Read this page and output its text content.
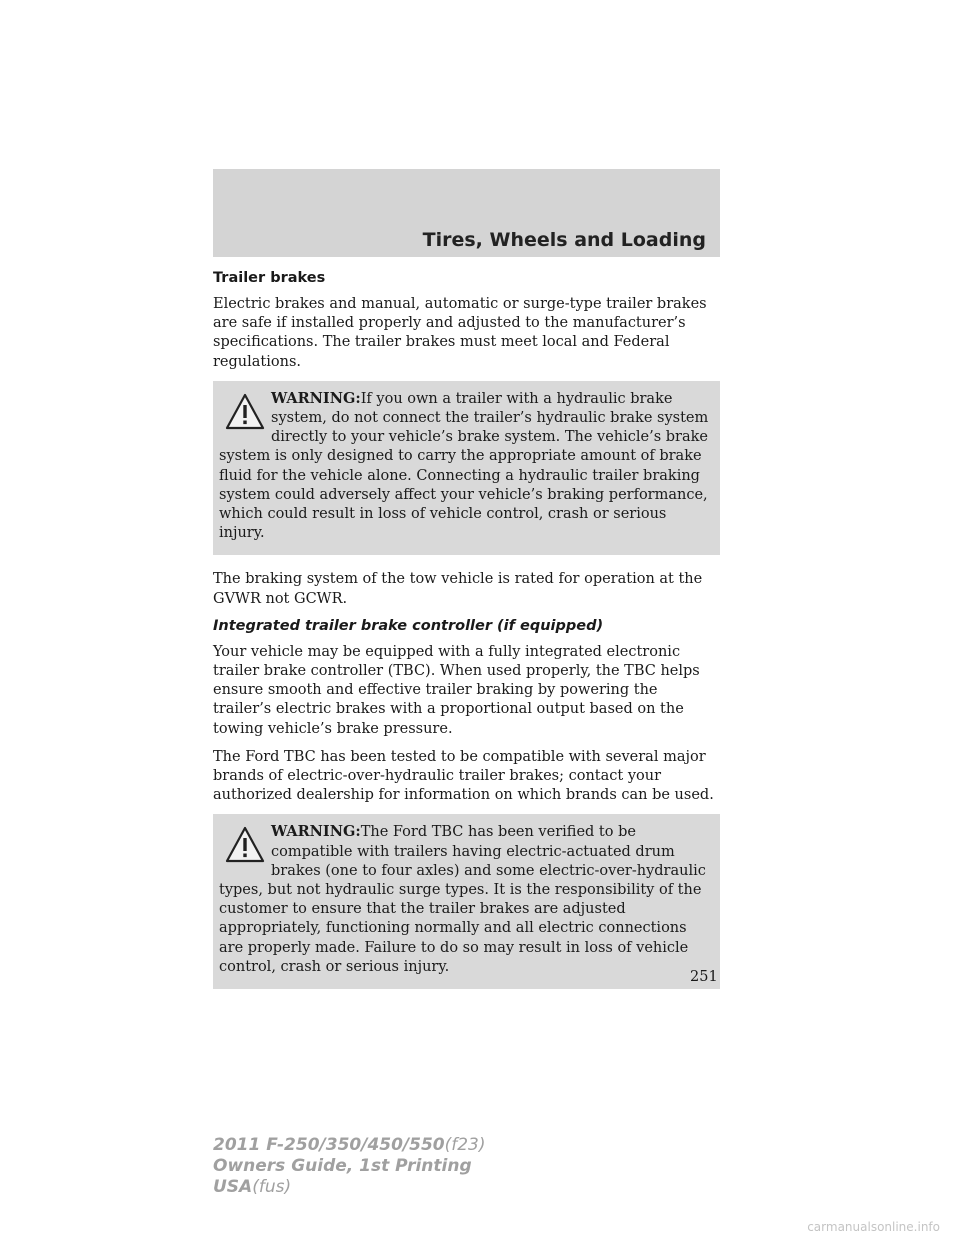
Tires, Wheels and Loading
Trailer brakes

Electric brakes and manual, automatic or surge-type trailer brakes are safe if installed properly and adjusted to the manufacturer’s specifications. The trailer brakes must meet local and Federal regulations.

WARNING:If you own a trailer with a hydraulic brake system, do not connect the trailer’s hydraulic brake system directly to your vehicle’s brake system. The vehicle’s brake system is only designed to carry the appropriate amount of brake fluid for the vehicle alone. Connecting a hydraulic trailer braking system could adversely affect your vehicle’s braking performance, which could result in loss of vehicle control, crash or serious injury.

The braking system of the tow vehicle is rated for operation at the GVWR not GCWR.

Integrated trailer brake controller (if equipped)

Your vehicle may be equipped with a fully integrated electronic trailer brake controller (TBC). When used properly, the TBC helps ensure smooth and effective trailer braking by powering the trailer’s electric brakes with a proportional output based on the towing vehicle’s brake pressure.

The Ford TBC has been tested to be compatible with several major brands of electric-over-hydraulic trailer brakes; contact your authorized dealership for information on which brands can be used.

WARNING:The Ford TBC has been verified to be compatible with trailers having electric-actuated drum brakes (one to four axles) and some electric-over-hydraulic types, but not hydraulic surge types. It is the responsibility of the customer to ensure that the trailer brakes are adjusted appropriately, functioning normally and all electric connections are properly made. Failure to do so may result in loss of vehicle control, crash or serious injury.
251
2011 F-250/350/450/550(f23)
Owners Guide, 1st Printing
USA(fus)
carmanualsonline.info
